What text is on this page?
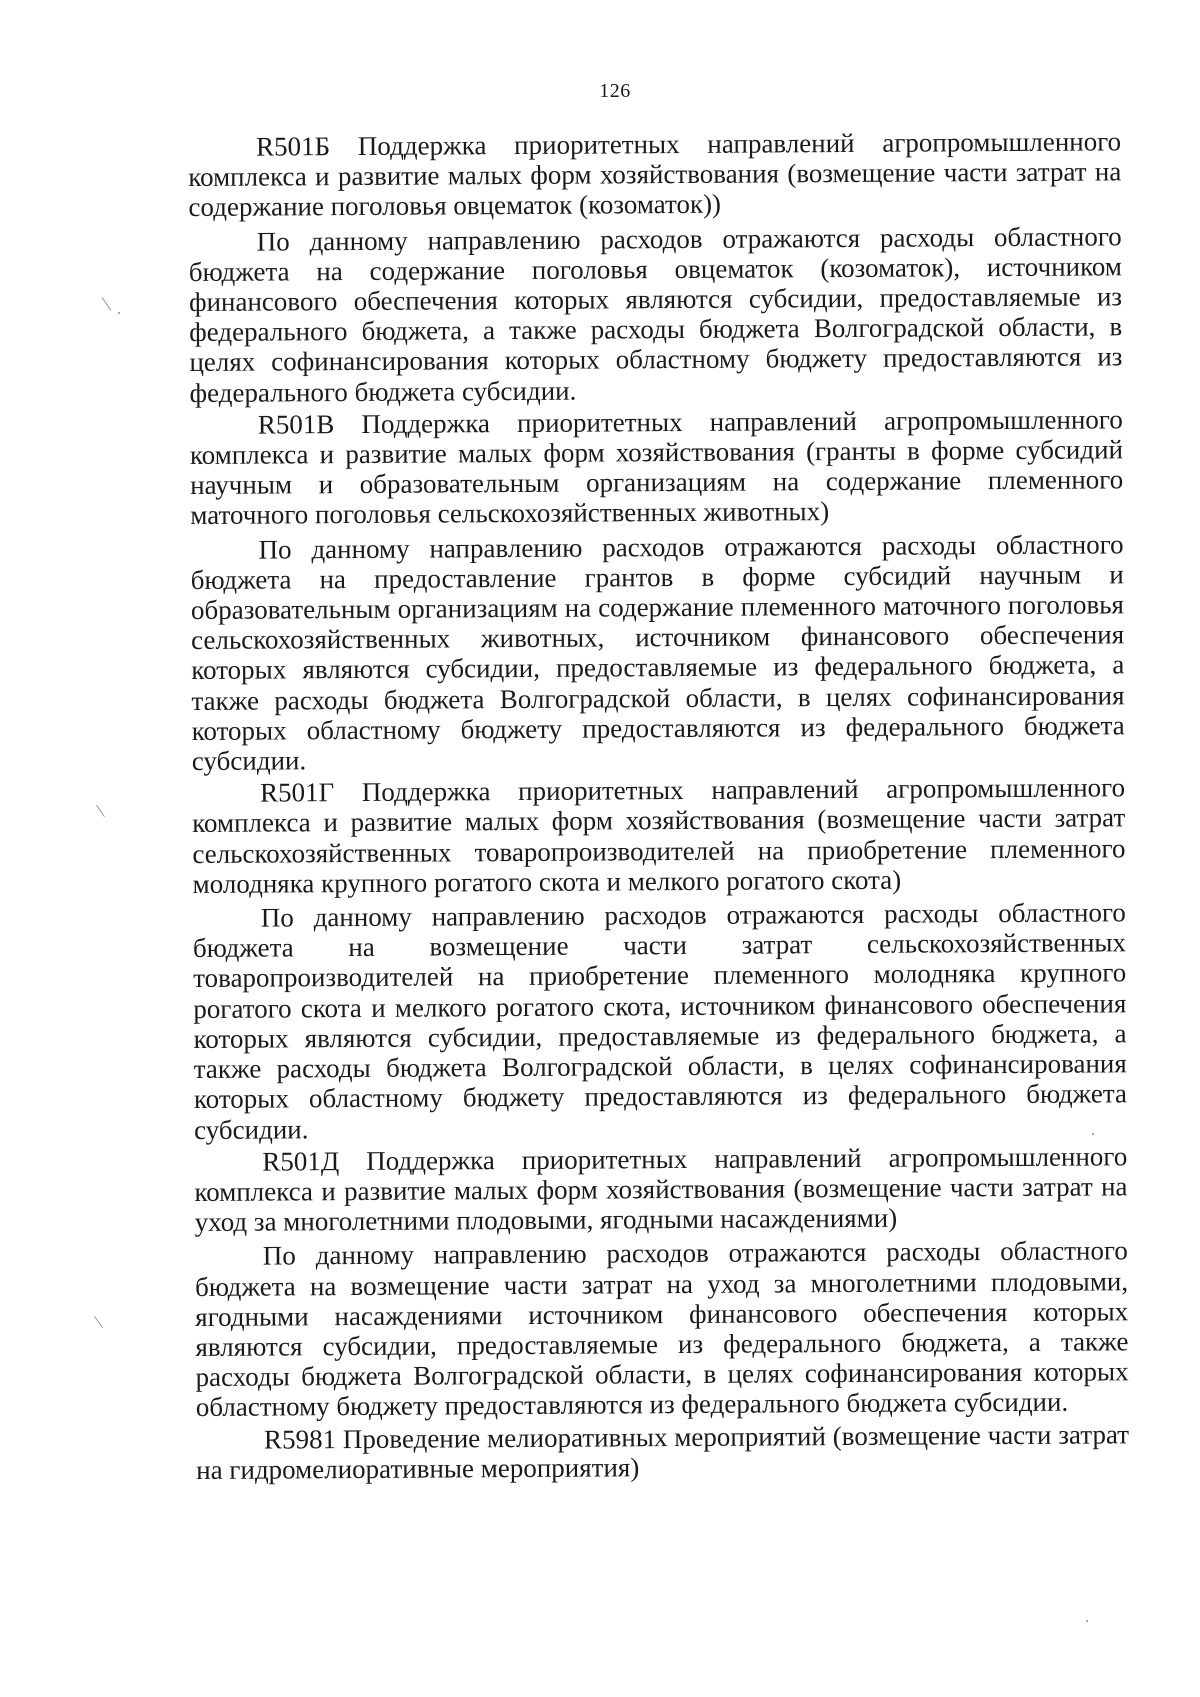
126

R501Б Поддержка приоритетных направлений агропромышленного комплекса и развитие малых форм хозяйствования (возмещение части затрат на содержание поголовья овцематок (козоматок))

По данному направлению расходов отражаются расходы областного бюджета на содержание поголовья овцематок (козоматок), источником финансового обеспечения которых являются субсидии, предоставляемые из федерального бюджета, а также расходы бюджета Волгоградской области, в целях софинансирования которых областному бюджету предоставляются из федерального бюджета субсидии.

R501В Поддержка приоритетных направлений агропромышленного комплекса и развитие малых форм хозяйствования (гранты в форме субсидий научным и образовательным организациям на содержание племенного маточного поголовья сельскохозяйственных животных)

По данному направлению расходов отражаются расходы областного бюджета на предоставление грантов в форме субсидий научным и образовательным организациям на содержание племенного маточного поголовья сельскохозяйственных животных, источником финансового обеспечения которых являются субсидии, предоставляемые из федерального бюджета, а также расходы бюджета Волгоградской области, в целях софинансирования которых областному бюджету предоставляются из федерального бюджета субсидии.

R501Г Поддержка приоритетных направлений агропромышленного комплекса и развитие малых форм хозяйствования (возмещение части затрат сельскохозяйственных товаропроизводителей на приобретение племенного молодняка крупного рогатого скота и мелкого рогатого скота)

По данному направлению расходов отражаются расходы областного бюджета на возмещение части затрат сельскохозяйственных товаропроизводителей на приобретение племенного молодняка крупного рогатого скота и мелкого рогатого скота, источником финансового обеспечения которых являются субсидии, предоставляемые из федерального бюджета, а также расходы бюджета Волгоградской области, в целях софинансирования которых областному бюджету предоставляются из федерального бюджета субсидии.

R501Д Поддержка приоритетных направлений агропромышленного комплекса и развитие малых форм хозяйствования (возмещение части затрат на уход за многолетними плодовыми, ягодными насаждениями)

По данному направлению расходов отражаются расходы областного бюджета на возмещение части затрат на уход за многолетними плодовыми, ягодными насаждениями источником финансового обеспечения которых являются субсидии, предоставляемые из федерального бюджета, а также расходы бюджета Волгоградской области, в целях софинансирования которых областному бюджету предоставляются из федерального бюджета субсидии.

R5981 Проведение мелиоративных мероприятий (возмещение части затрат на гидромелиоративные мероприятия)
